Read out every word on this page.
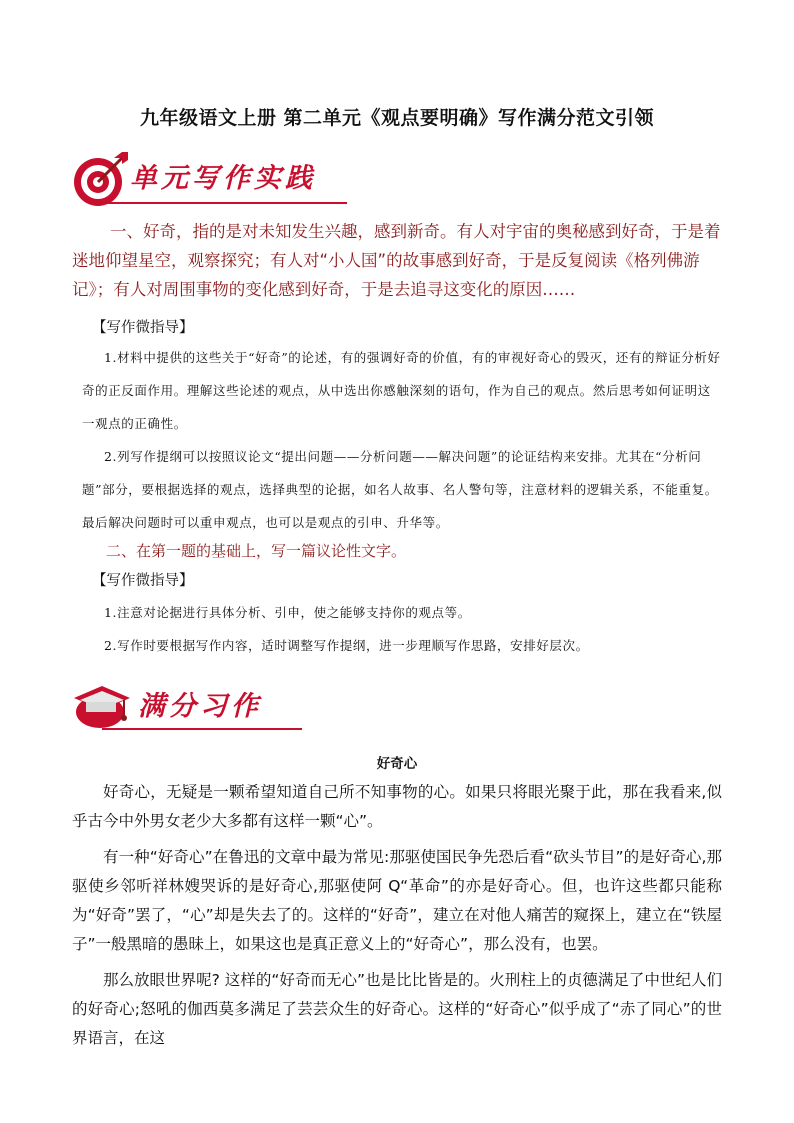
九年级语文上册 第二单元《观点要明确》写作满分范文引领
单元写作实践
一、好奇，指的是对未知发生兴趣，感到新奇。有人对宇宙的奥秘感到好奇，于是着迷地仰望星空，观察探究；有人对“小人国”的故事感到好奇，于是反复阅读《格列佛游记》；有人对周围事物的变化感到好奇，于是去追寻这变化的原因……
【写作微指导】
1.材料中提供的这些关于“好奇”的论述，有的强调好奇的价值，有的审视好奇心的毁灭，还有的辩证分析好奇的正反面作用。理解这些论述的观点，从中选出你感触深刻的语句，作为自己的观点。然后思考如何证明这一观点的正确性。
2.列写作提纲可以按照议论文“提出问题——分析问题——解决问题”的论证结构来安排。尤其在“分析问题”部分，要根据选择的观点，选择典型的论据，如名人故事、名人警句等，注意材料的逻辑关系，不能重复。最后解决问题时可以重申观点，也可以是观点的引申、升华等。
二、在第一题的基础上，写一篇议论性文字。
【写作微指导】
1.注意对论据进行具体分析、引申，使之能够支持你的观点等。
2.写作时要根据写作内容，适时调整写作提纲，进一步理顺写作思路，安排好层次。
满分习作
好奇心

好奇心，无疑是一颗希望知道自己所不知事物的心。如果只将眼光聚于此，那在我看来,似乎古今中外男女老少大多都有这样一颗“心”。

有一种“好奇心”在鲁迅的文章中最为常见:那驱使国民争先恐后看“砍头节目”的是好奇心,那驱使乡邻听祥林嫂哭诉的是好奇心,那驱使阿 Q“革命”的亦是好奇心。但，也许这些都只能称为“好奇”罢了，“心”却是失去了的。这样的“好奇”，建立在对他人痛苦的窥探上，建立在“铁屋子”一般黑暗的愚昧上，如果这也是真正意义上的“好奇心”，那么没有，也罢。

那么放眼世界呢? 这样的“好奇而无心”也是比比皆是的。火刑柱上的贞德满足了中世纪人们的好奇心;怒吼的伽西莫多满足了芸芸众生的好奇心。这样的“好奇心”似乎成了“赤了同心”的世界语言，在这
